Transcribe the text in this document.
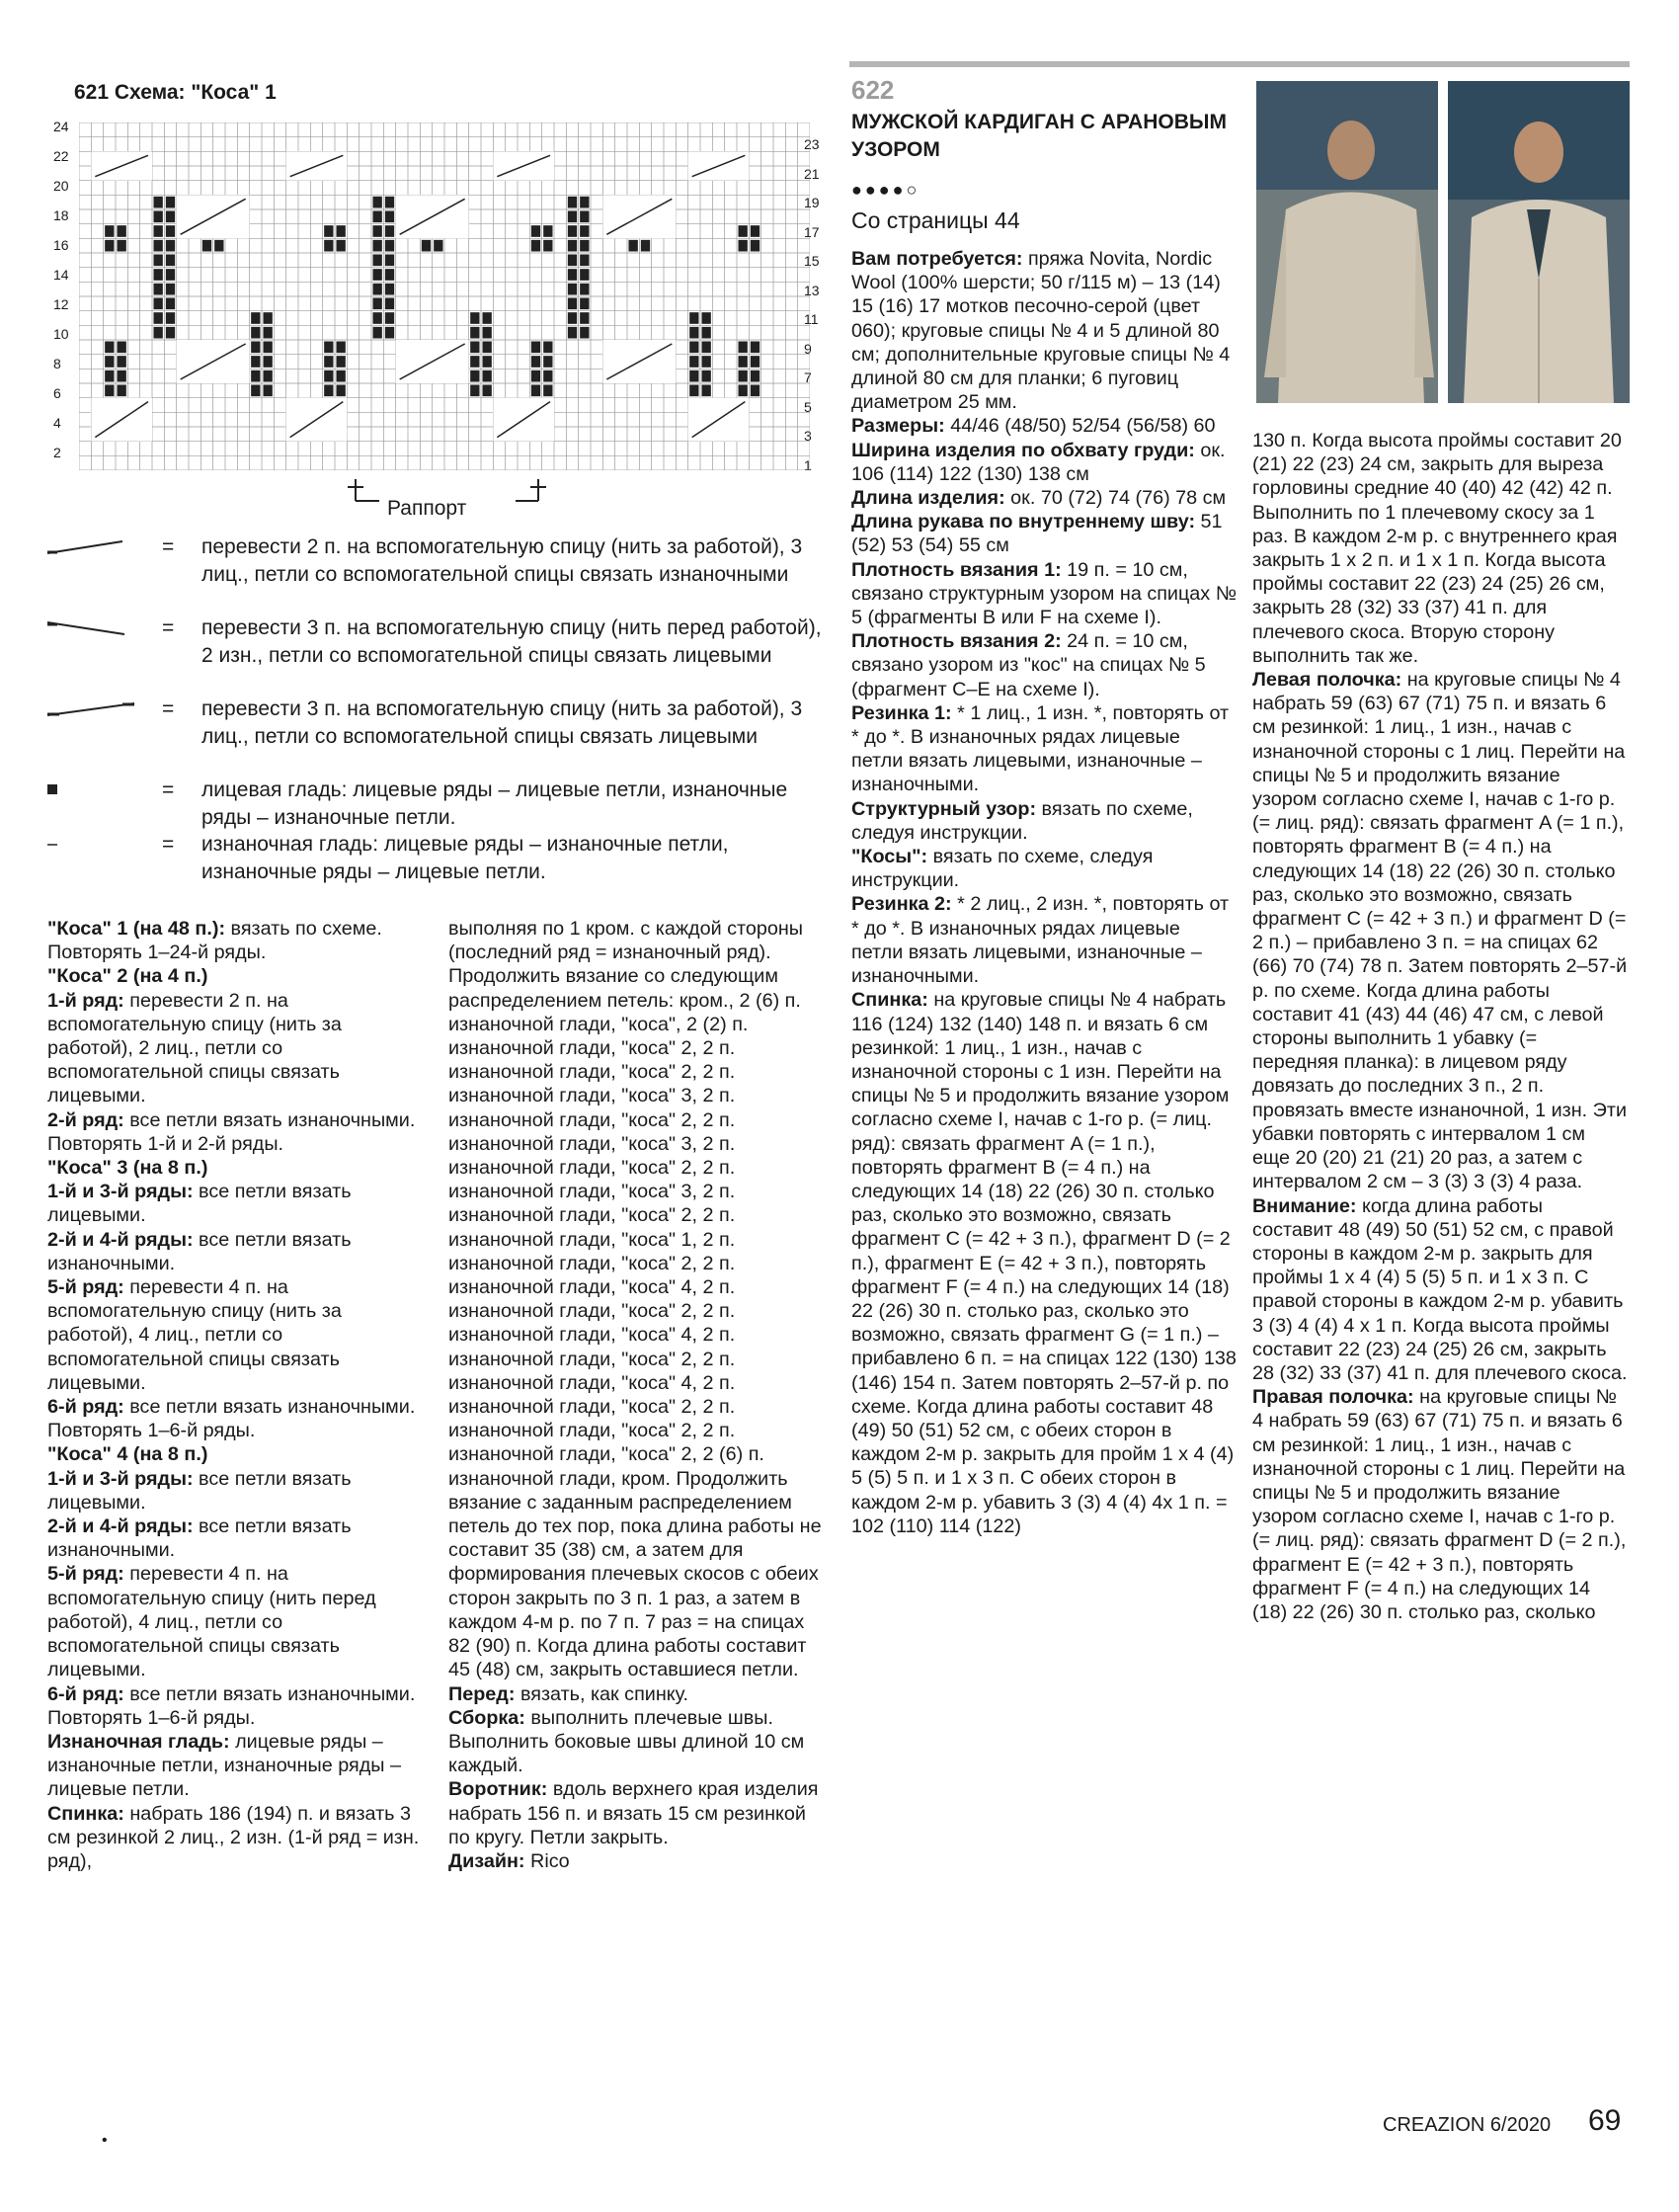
621 Схема: "Коса" 1
24
22
20
18
16
14
12
10
8
6
4
2
23
21
19
17
15
13
11
9
7
5
3
1
Раппорт
=	перевести 2 п. на вспомогательную спицу (нить за работой), 3 лиц., петли со вспомогательной спицы связать изнаночными
=	перевести 3 п. на вспомогательную спицу (нить перед работой), 2 изн., петли со вспомогательной спицы связать лицевыми
=	перевести 3 п. на вспомогательную спицу (нить за работой), 3 лиц., петли со вспомогательной спицы связать лицевыми
=	лицевая гладь: лицевые ряды – лицевые петли, изнаночные ряды – изнаночные петли.
=	изнаночная гладь: лицевые ряды – изнаночные петли, изнаночные ряды – лицевые петли.

"Коса" 1 (на 48 п.): вязать по схеме.

Повторять 1–24-й ряды.

"Коса" 2 (на 4 п.)

1-й ряд: перевести 2 п. на вспомогательную спицу (нить за работой), 2 лиц., петли со вспомогательной спицы связать лицевыми.

2-й ряд: все петли вязать изнаночными.

Повторять 1-й и 2-й ряды.

"Коса" 3 (на 8 п.)

1-й и 3-й ряды: все петли вязать лицевыми.

2-й и 4-й ряды: все петли вязать изнаночными.

5-й ряд: перевести 4 п. на вспомогательную спицу (нить за работой), 4 лиц., петли со вспомогательной спицы связать лицевыми.

6-й ряд: все петли вязать изнаночными.

Повторять 1–6-й ряды.

"Коса" 4 (на 8 п.)

1-й и 3-й ряды: все петли вязать лицевыми.

2-й и 4-й ряды: все петли вязать изнаночными.

5-й ряд: перевести 4 п. на вспомогательную спицу (нить перед работой), 4 лиц., петли со вспомогательной спицы связать лицевыми.

6-й ряд: все петли вязать изнаночными.

Повторять 1–6-й ряды.

Изнаночная гладь: лицевые ряды – изнаночные петли, изнаночные ряды – лицевые петли.

Спинка: набрать 186 (194) п. и вязать 3 см резинкой 2 лиц., 2 изн. (1-й ряд = изн. ряд),

выполняя по 1 кром. с каждой стороны (последний ряд = изнаночный ряд). Продолжить вязание со следующим распределением петель: кром., 2 (6) п. изнаночной глади, "коса", 2 (2) п. изнаночной глади, "коса" 2, 2 п. изнаночной глади, "коса" 2, 2 п. изнаночной глади, "коса" 3, 2 п. изнаночной глади, "коса" 2, 2 п. изнаночной глади, "коса" 3, 2 п. изнаночной глади, "коса" 2, 2 п. изнаночной глади, "коса" 3, 2 п. изнаночной глади, "коса" 2, 2 п. изнаночной глади, "коса" 1, 2 п. изнаночной глади, "коса" 2, 2 п. изнаночной глади, "коса" 4, 2 п. изнаночной глади, "коса" 2, 2 п. изнаночной глади, "коса" 4, 2 п. изнаночной глади, "коса" 2, 2 п. изнаночной глади, "коса" 4, 2 п. изнаночной глади, "коса" 2, 2 п. изнаночной глади, "коса" 2, 2 п. изнаночной глади, "коса" 2, 2 (6) п. изнаночной глади, кром. Продолжить вязание с заданным распределением петель до тех пор, пока длина работы не составит 35 (38) см, а затем для формирования плечевых скосов с обеих сторон закрыть по 3 п. 1 раз, а затем в каждом 4-м р. по 7 п. 7 раз = на спицах 82 (90) п. Когда длина работы составит 45 (48) см, закрыть оставшиеся петли.

Перед: вязать, как спинку.

Сборка: выполнить плечевые швы. Выполнить боковые швы длиной 10 см каждый.

Воротник: вдоль верхнего края изделия набрать 156 п. и вязать 15 см резинкой по кругу. Петли закрыть.

Дизайн: Rico

622
МУЖСКОЙ КАРДИГАН С АРАНОВЫМ УЗОРОМ
●●●●○
Со страницы 44

Вам потребуется: пряжа Novita, Nordic Wool (100% шерсти; 50 г/115 м) – 13 (14) 15 (16) 17 мотков песочно-серой (цвет 060); круговые спицы № 4 и 5 длиной 80 см; дополнительные круговые спицы № 4 длиной 80 см для планки; 6 пуговиц диаметром 25 мм.

Размеры: 44/46 (48/50) 52/54 (56/58) 60

Ширина изделия по обхвату груди: ок. 106 (114) 122 (130) 138 см

Длина изделия: ок. 70 (72) 74 (76) 78 см

Длина рукава по внутреннему шву: 51 (52) 53 (54) 55 см

Плотность вязания 1: 19 п. = 10 см, связано структурным узором на спицах № 5 (фрагменты B или F на схеме I).

Плотность вязания 2: 24 п. = 10 см, связано узором из "кос" на спицах № 5 (фрагмент C–E на схеме I).

Резинка 1: * 1 лиц., 1 изн. *, повторять от * до *. В изнаночных рядах лицевые петли вязать лицевыми, изнаночные – изнаночными.

Структурный узор: вязать по схеме, следуя инструкции.

"Косы": вязать по схеме, следуя инструкции.

Резинка 2: * 2 лиц., 2 изн. *, повторять от * до *. В изнаночных рядах лицевые петли вязать лицевыми, изнаночные – изнаночными.

Спинка: на круговые спицы № 4 набрать 116 (124) 132 (140) 148 п. и вязать 6 см резинкой: 1 лиц., 1 изн., начав с изнаночной стороны с 1 изн. Перейти на спицы № 5 и продолжить вязание узором согласно схеме I, начав с 1-го р. (= лиц. ряд): связать фрагмент A (= 1 п.), повторять фрагмент B (= 4 п.) на следующих 14 (18) 22 (26) 30 п. столько раз, сколько это возможно, связать фрагмент C (= 42 + 3 п.), фрагмент D (= 2 п.), фрагмент E (= 42 + 3 п.), повторять фрагмент F (= 4 п.) на следующих 14 (18) 22 (26) 30 п. столько раз, сколько это возможно, связать фрагмент G (= 1 п.) – прибавлено 6 п. = на спицах 122 (130) 138 (146) 154 п. Затем повторять 2–57-й р. по схеме. Когда длина работы составит 48 (49) 50 (51) 52 см, с обеих сторон в каждом 2-м р. закрыть для пройм 1 х 4 (4) 5 (5) 5 п. и 1 х 3 п. С обеих сторон в каждом 2-м р. убавить 3 (3) 4 (4) 4х 1 п. = 102 (110) 114 (122)

130 п. Когда высота проймы составит 20 (21) 22 (23) 24 см, закрыть для выреза горловины средние 40 (40) 42 (42) 42 п. Выполнить по 1 плечевому скосу за 1 раз. В каждом 2-м р. с внутреннего края закрыть 1 х 2 п. и 1 х 1 п. Когда высота проймы составит 22 (23) 24 (25) 26 см, закрыть 28 (32) 33 (37) 41 п. для плечевого скоса. Вторую сторону выполнить так же.

Левая полочка: на круговые спицы № 4 набрать 59 (63) 67 (71) 75 п. и вязать 6 см резинкой: 1 лиц., 1 изн., начав с изнаночной стороны с 1 лиц. Перейти на спицы № 5 и продолжить вязание узором согласно схеме I, начав с 1-го р. (= лиц. ряд): связать фрагмент A (= 1 п.), повторять фрагмент B (= 4 п.) на следующих 14 (18) 22 (26) 30 п. столько раз, сколько это возможно, связать фрагмент C (= 42 + 3 п.) и фрагмент D (= 2 п.) – прибавлено 3 п. = на спицах 62 (66) 70 (74) 78 п. Затем повторять 2–57-й р. по схеме. Когда длина работы составит 41 (43) 44 (46) 47 см, с левой стороны выполнить 1 убавку (= передняя планка): в лицевом ряду довязать до последних 3 п., 2 п. провязать вместе изнаночной, 1 изн. Эти убавки повторять с интервалом 1 см еще 20 (20) 21 (21) 20 раз, а затем с интервалом 2 см – 3 (3) 3 (3) 4 раза.

Внимание: когда длина работы составит 48 (49) 50 (51) 52 см, с правой стороны в каждом 2-м р. закрыть для проймы 1 х 4 (4) 5 (5) 5 п. и 1 х 3 п. С правой стороны в каждом 2-м р. убавить 3 (3) 4 (4) 4 х 1 п. Когда высота проймы составит 22 (23) 24 (25) 26 см, закрыть 28 (32) 33 (37) 41 п. для плечевого скоса.

Правая полочка: на круговые спицы № 4 набрать 59 (63) 67 (71) 75 п. и вязать 6 см резинкой: 1 лиц., 1 изн., начав с изнаночной стороны с 1 лиц. Перейти на спицы № 5 и продолжить вязание узором согласно схеме I, начав с 1-го р. (= лиц. ряд): связать фрагмент D (= 2 п.), фрагмент E (= 42 + 3 п.), повторять фрагмент F (= 4 п.) на следующих 14 (18) 22 (26) 30 п. столько раз, сколько

•
CREAZION 6/2020 69
